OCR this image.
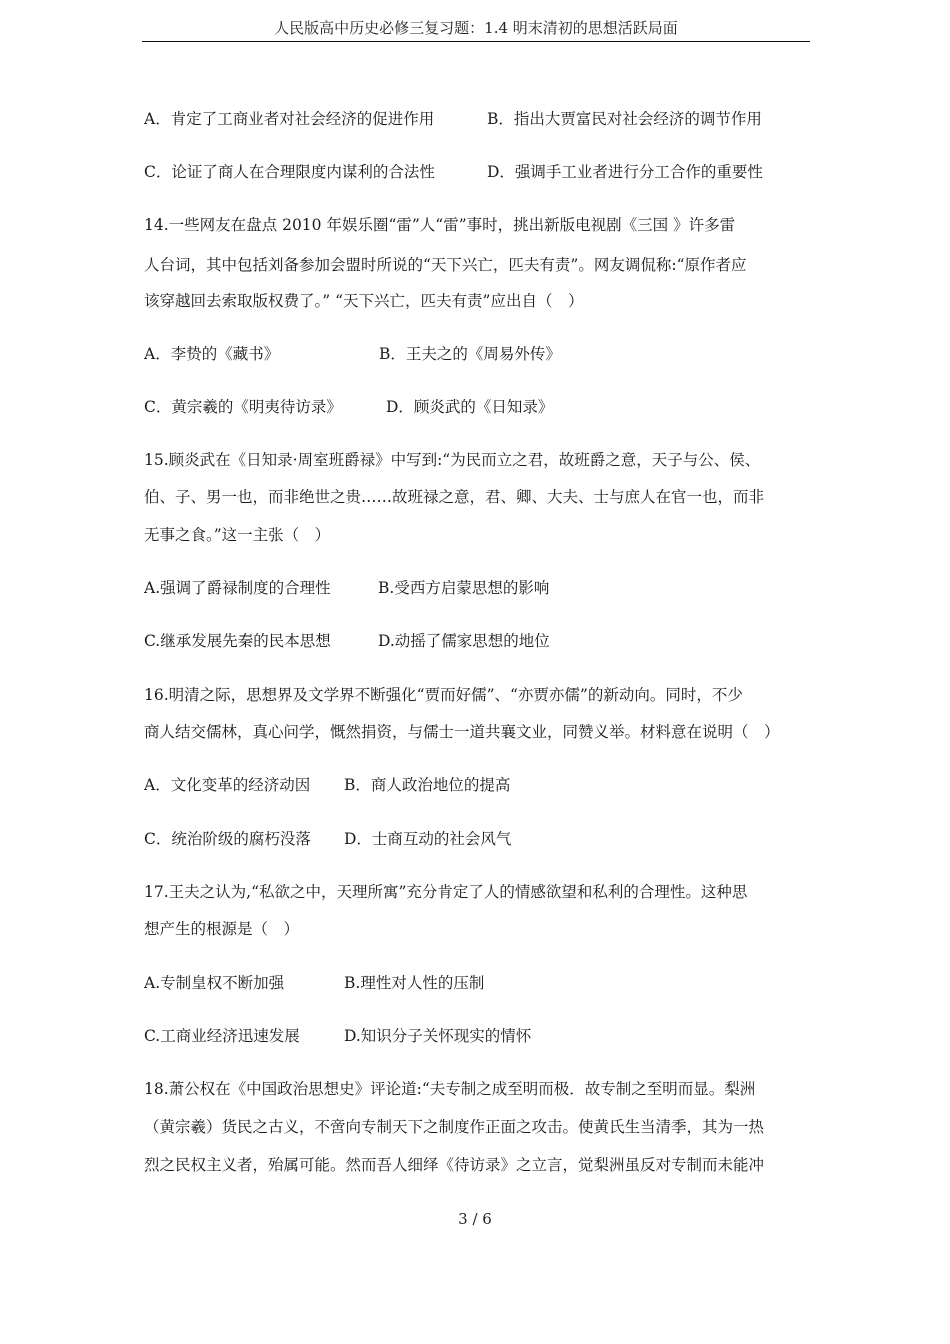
人民版高中历史必修三复习题：1.4 明末清初的思想活跃局面
A．肯定了工商业者对社会经济的促进作用	B．指出大贾富民对社会经济的调节作用
C．论证了商人在合理限度内谋利的合法性	D．强调手工业者进行分工合作的重要性
14.一些网友在盘点 2010 年娱乐圈“雷”人“雷”事时，挑出新版电视剧《三国 》许多雷
人台词，其中包括刘备参加会盟时所说的“天下兴亡，匹夫有责”。网友调侃称:“原作者应
该穿越回去索取版权费了。” “天下兴亡，匹夫有责”应出自（　）
A．李贽的《藏书》	B．王夫之的《周易外传》
C．黄宗羲的《明夷待访录》	D．顾炎武的《日知录》
15.顾炎武在《日知录·周室班爵禄》中写到:“为民而立之君，故班爵之意，天子与公、侯、
伯、子、男一也，而非绝世之贵……故班禄之意，君、卿、大夫、士与庶人在官一也，而非
无事之食。”这一主张（　）
A.强调了爵禄制度的合理性	B.受西方启蒙思想的影响
C.继承发展先秦的民本思想	D.动摇了儒家思想的地位
16.明清之际，思想界及文学界不断强化“贾而好儒”、“亦贾亦儒”的新动向。同时，不少
商人结交儒林，真心问学，慨然捐资，与儒士一道共襄文业，同赞义举。材料意在说明（　）
A．文化变革的经济动因 B．商人政治地位的提高
C．统治阶级的腐朽没落 D．士商互动的社会风气
17.王夫之认为,“私欲之中，天理所寓”充分肯定了人的情感欲望和私利的合理性。这种思
想产生的根源是（　）
A.专制皇权不断加强	B.理性对人性的压制
C.工商业经济迅速发展	D.知识分子关怀现实的情怀
18.萧公权在《中国政治思想史》评论道:“夫专制之成至明而极．故专制之至明而显。梨洲
（黄宗羲）货民之古义，不啻向专制天下之制度作正面之攻击。使黄氏生当清季，其为一热
烈之民权主义者，殆属可能。然而吾人细绎《待访录》之立言，觉梨洲虽反对专制而未能冲
3 / 6
